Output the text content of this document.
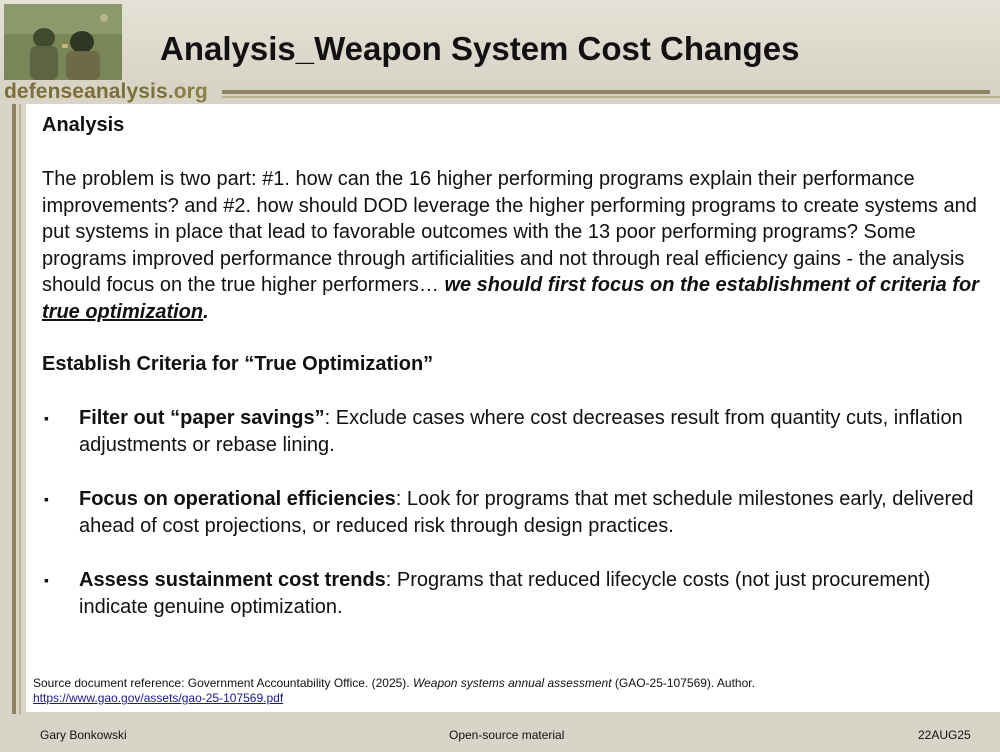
Analysis_Weapon System Cost Changes
defenseanalysis.org
Analysis
The problem is two part: #1. how can the 16 higher performing programs explain their performance improvements? and #2. how should DOD leverage the higher performing programs to create systems and put systems in place that lead to favorable outcomes with the 13 poor performing programs? Some programs improved performance through artificialities and not through real efficiency gains - the analysis should focus on the true higher performers… we should first focus on the establishment of criteria for true optimization.
Establish Criteria for “True Optimization”
▪ Filter out “paper savings”: Exclude cases where cost decreases result from quantity cuts, inflation adjustments or rebase lining.
▪ Focus on operational efficiencies: Look for programs that met schedule milestones early, delivered ahead of cost projections, or reduced risk through design practices.
▪ Assess sustainment cost trends: Programs that reduced lifecycle costs (not just procurement) indicate genuine optimization.
Source document reference: Government Accountability Office. (2025). Weapon systems annual assessment (GAO-25-107569). Author.
https://www.gao.gov/assets/gao-25-107569.pdf
Gary Bonkowski	Open-source material	22AUG25
